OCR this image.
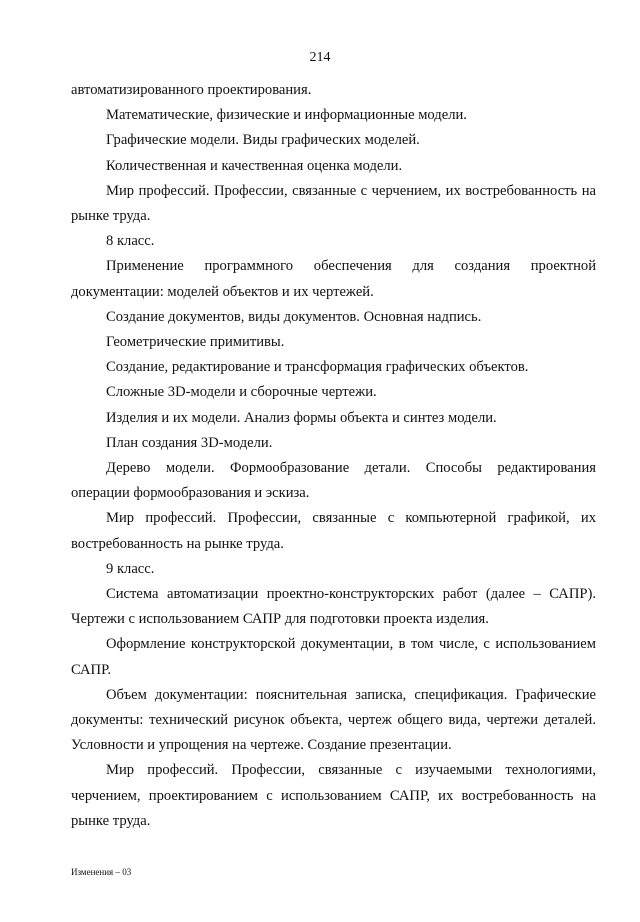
214

автоматизированного проектирования.

Математические, физические и информационные модели.

Графические модели. Виды графических моделей.

Количественная и качественная оценка модели.

Мир профессий. Профессии, связанные с черчением, их востребованность на рынке труда.

8 класс.

Применение программного обеспечения для создания проектной документации: моделей объектов и их чертежей.

Создание документов, виды документов. Основная надпись.

Геометрические примитивы.

Создание, редактирование и трансформация графических объектов.

Сложные 3D-модели и сборочные чертежи.

Изделия и их модели. Анализ формы объекта и синтез модели.

План создания 3D-модели.

Дерево модели. Формообразование детали. Способы редактирования операции формообразования и эскиза.

Мир профессий. Профессии, связанные с компьютерной графикой, их востребованность на рынке труда.

9 класс.

Система автоматизации проектно-конструкторских работ (далее – САПР). Чертежи с использованием САПР для подготовки проекта изделия.

Оформление конструкторской документации, в том числе, с использованием САПР.

Объем документации: пояснительная записка, спецификация. Графические документы: технический рисунок объекта, чертеж общего вида, чертежи деталей. Условности и упрощения на чертеже. Создание презентации.

Мир профессий. Профессии, связанные с изучаемыми технологиями, черчением, проектированием с использованием САПР, их востребованность на рынке труда.

Изменения – 03
